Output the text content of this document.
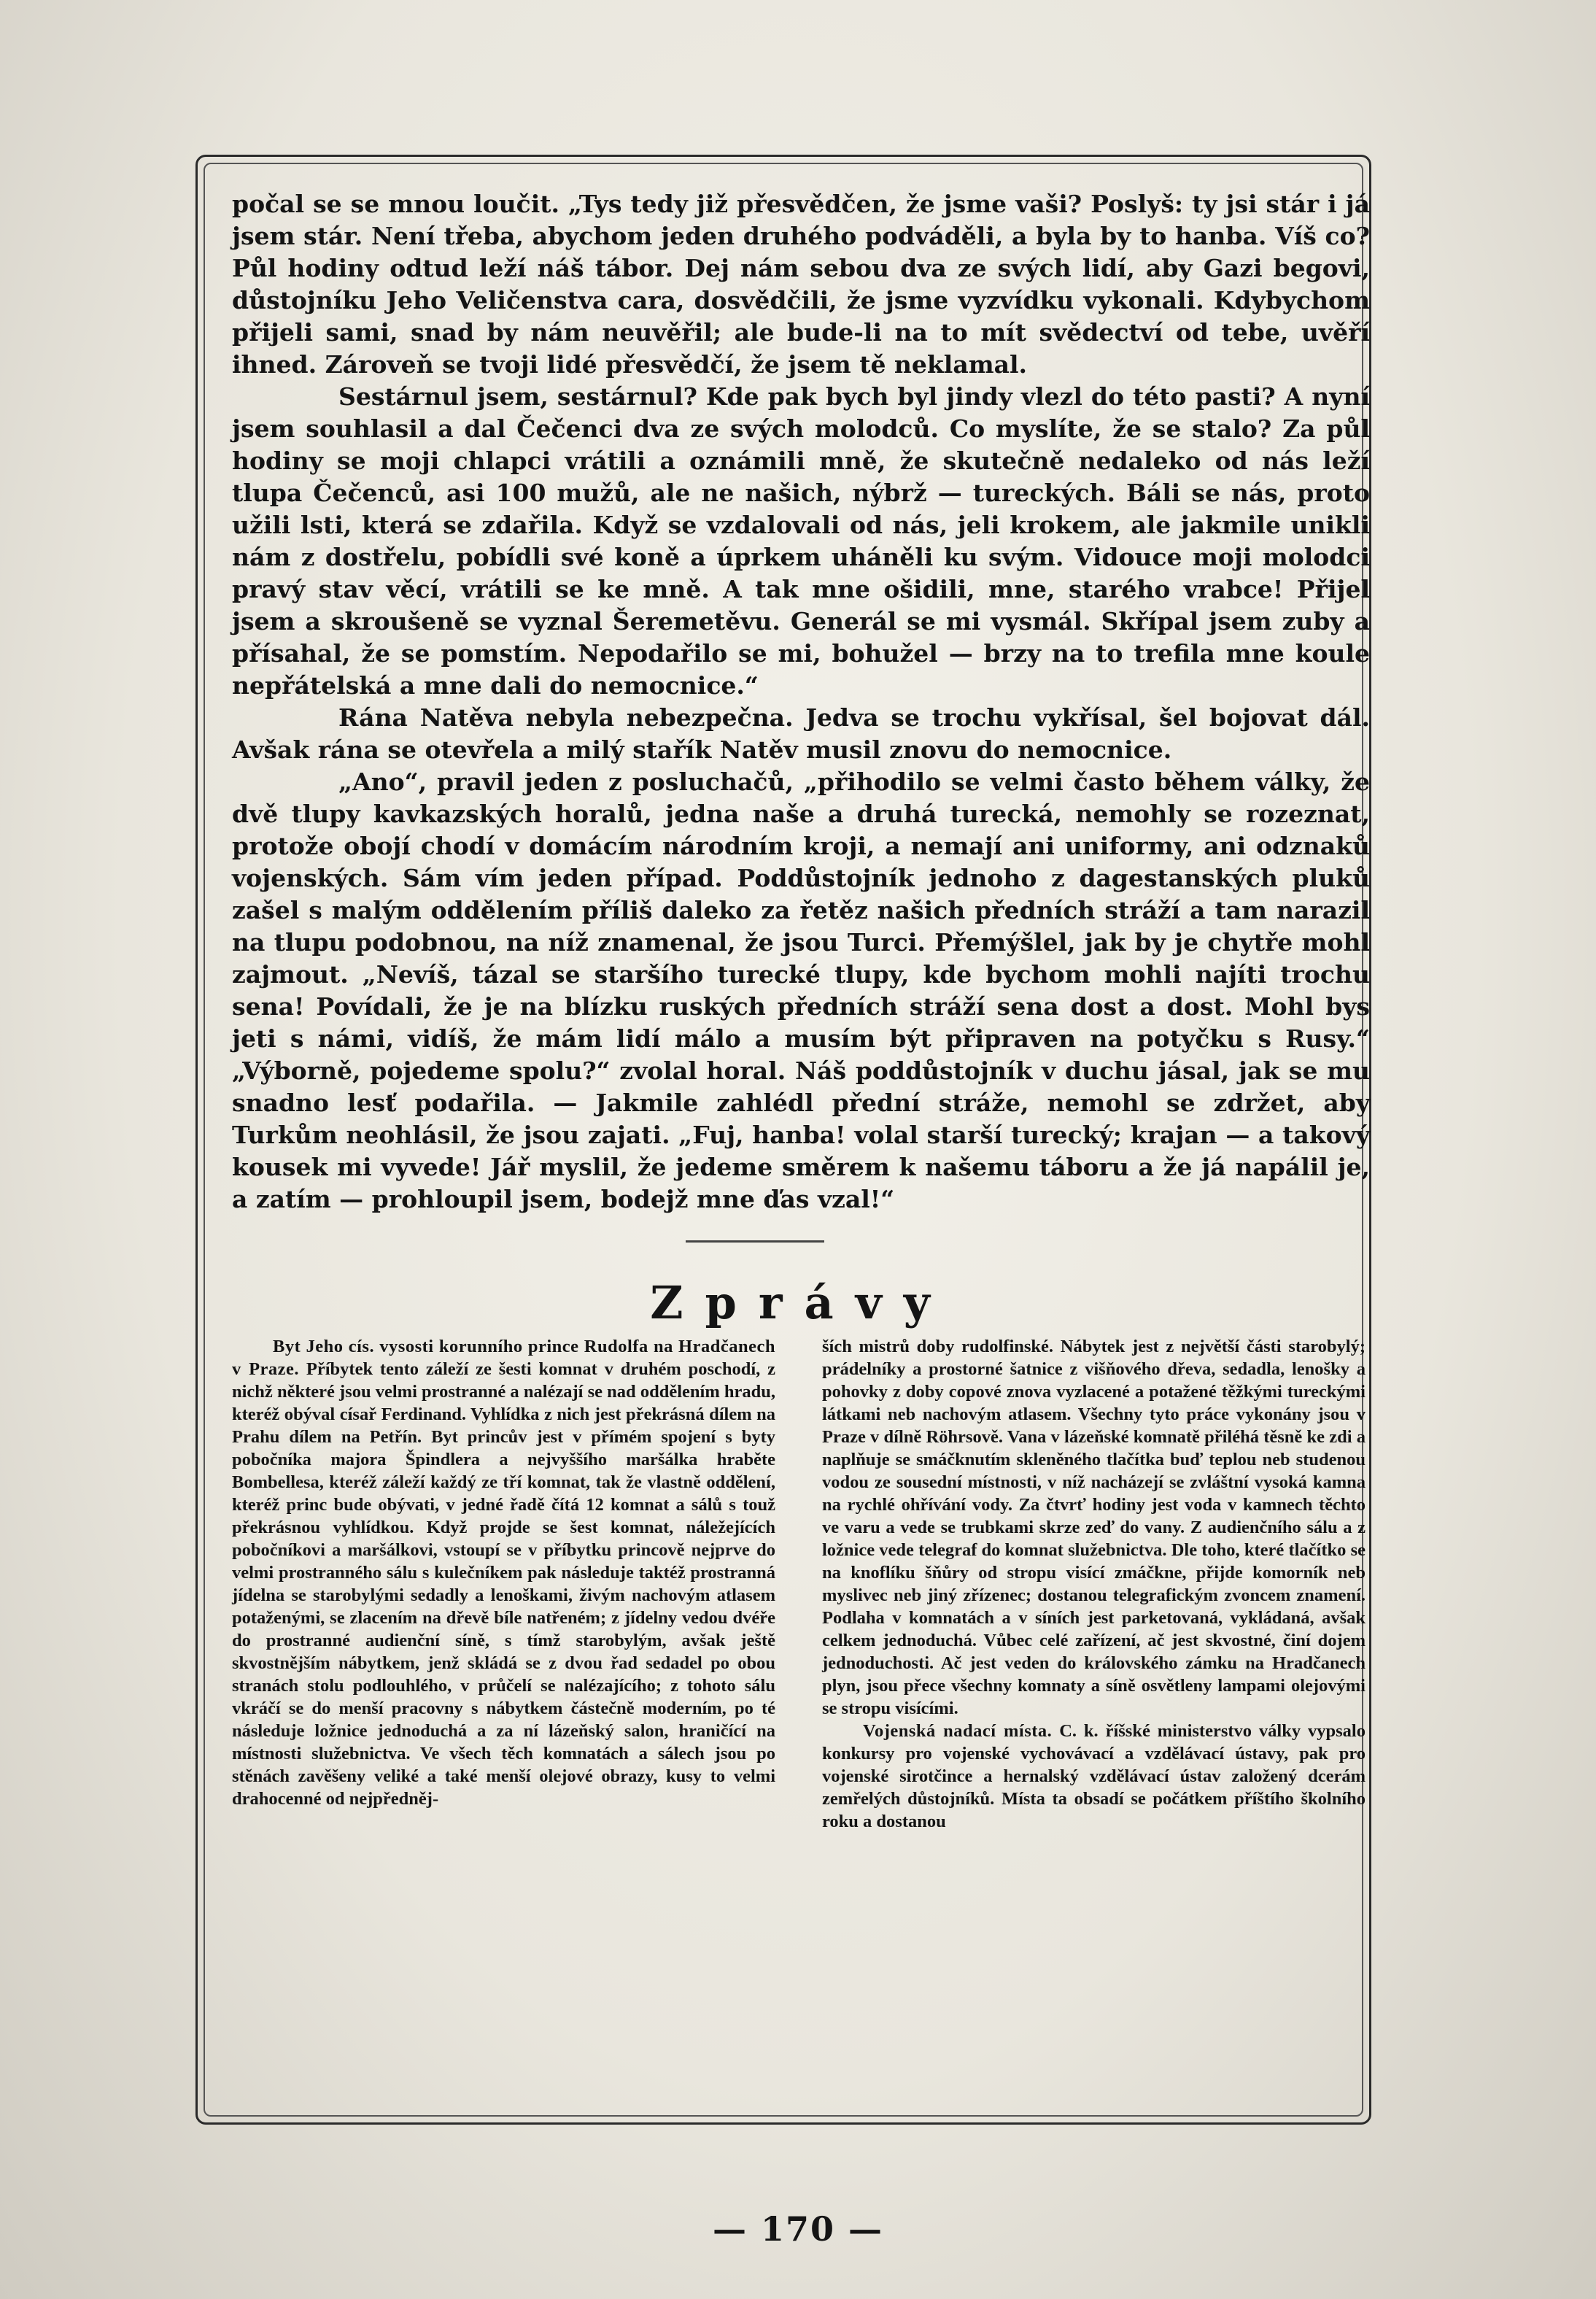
počal se se mnou loučit. „Tys tedy již přesvědčen, že jsme vaši? Poslyš: ty jsi stár i já jsem stár. Není třeba, abychom jeden druhého podváděli, a byla by to hanba. Víš co? Půl hodiny odtud leží náš tábor. Dej nám sebou dva ze svých lidí, aby Gazi begovi, důstojníku Jeho Veličenstva cara, dosvědčili, že jsme vyzvídku vykonali. Kdybychom přijeli sami, snad by nám neuvěřil; ale bude-li na to mít svědectví od tebe, uvěří ihned. Zároveň se tvoji lidé přesvědčí, že jsem tě neklamal.

Sestárnul jsem, sestárnul? Kde pak bych byl jindy vlezl do této pasti? A nyní jsem souhlasil a dal Čečenci dva ze svých molodců. Co myslíte, že se stalo? Za půl hodiny se moji chlapci vrátili a oznámili mně, že skutečně nedaleko od nás leží tlupa Čečenců, asi 100 mužů, ale ne našich, nýbrž — tureckých. Báli se nás, proto užili lsti, která se zdařila. Když se vzdalovali od nás, jeli krokem, ale jakmile unikli nám z dostřelu, pobídli své koně a úprkem uháněli ku svým. Vidouce moji molodci pravý stav věcí, vrátili se ke mně. A tak mne ošidili, mne, starého vrabce! Přijel jsem a skroušeně se vyznal Šeremetěvu. Generál se mi vysmál. Skřípal jsem zuby a přísahal, že se pomstím. Nepodařilo se mi, bohužel — brzy na to trefila mne koule nepřátelská a mne dali do nemocnice.“

Rána Natěva nebyla nebezpečna. Jedva se trochu vykřísal, šel bojovat dál. Avšak rána se otevřela a milý stařík Natěv musil znovu do nemocnice.

„Ano“, pravil jeden z posluchačů, „přihodilo se velmi často během války, že dvě tlupy kavkazských horalů, jedna naše a druhá turecká, nemohly se rozeznat, protože obojí chodí v domácím národním kroji, a nemají ani uniformy, ani odznaků vojenských. Sám vím jeden případ. Poddůstojník jednoho z dagestanských pluků zašel s malým oddělením příliš daleko za řetěz našich předních stráží a tam narazil na tlupu podobnou, na níž znamenal, že jsou Turci. Přemýšlel, jak by je chytře mohl zajmout. „Nevíš, tázal se staršího turecké tlupy, kde bychom mohli najíti trochu sena! Povídali, že je na blízku ruských předních stráží sena dost a dost. Mohl bys jeti s námi, vidíš, že mám lidí málo a musím být připraven na potyčku s Rusy.“ „Výborně, pojedeme spolu?“ zvolal horal. Náš poddůstojník v duchu jásal, jak se mu snadno lesť podařila. — Jakmile zahlédl přední stráže, nemohl se zdržet, aby Turkům neohlásil, že jsou zajati. „Fuj, hanba! volal starší turecký; krajan — a takový kousek mi vyvede! Jář myslil, že jedeme směrem k našemu táboru a že já napálil je, a zatím — prohloupil jsem, bodejž mne ďas vzal!“

Zprávy

Byt Jeho cís. vysosti korunního prince Rudolfa na Hradčanech v Praze. Příbytek tento záleží ze šesti komnat v druhém poschodí, z nichž některé jsou velmi prostranné a nalézají se nad oddělením hradu, kteréž obýval císař Ferdinand. Vyhlídka z nich jest překrásná dílem na Prahu dílem na Petřín. Byt princův jest v přímém spojení s byty pobočníka majora Špindlera a nejvyššího maršálka hraběte Bombellesa, kteréž záleží každý ze tří komnat, tak že vlastně oddělení, kteréž princ bude obývati, v jedné řadě čítá 12 komnat a sálů s touž překrásnou vyhlídkou. Když projde se šest komnat, náležejících pobočníkovi a maršálkovi, vstoupí se v příbytku princově nejprve do velmi prostranného sálu s kulečníkem pak následuje taktéž prostranná jídelna se starobylými sedadly a lenoškami, živým nachovým atlasem potaženými, se zlacením na dřevě bíle natřeném; z jídelny vedou dvéře do prostranné audienční síně, s tímž starobylým, avšak ještě skvostnějším nábytkem, jenž skládá se z dvou řad sedadel po obou stranách stolu podlouhlého, v průčelí se nalézajícího; z tohoto sálu vkráčí se do menší pracovny s nábytkem částečně moderním, po té následuje ložnice jednoduchá a za ní lázeňský salon, hraničící na místnosti služebnictva. Ve všech těch komnatách a sálech jsou po stěnách zavěšeny veliké a také menší olejové obrazy, kusy to velmi drahocenné od nejpředněj-

ších mistrů doby rudolfinské. Nábytek jest z největší části starobylý; prádelníky a prostorné šatnice z višňového dřeva, sedadla, lenošky a pohovky z doby copové znova vyzlacené a potažené těžkými tureckými látkami neb nachovým atlasem. Všechny tyto práce vykonány jsou v Praze v dílně Röhrsově. Vana v lázeňské komnatě přiléhá těsně ke zdi a naplňuje se smáčknutím skleněného tlačítka buď teplou neb studenou vodou ze sousední místnosti, v níž nacházejí se zvláštní vysoká kamna na rychlé ohřívání vody. Za čtvrť hodiny jest voda v kamnech těchto ve varu a vede se trubkami skrze zeď do vany. Z audienčního sálu a z ložnice vede telegraf do komnat služebnictva. Dle toho, které tlačítko se na knoflíku šňůry od stropu visící zmáčkne, přijde komorník neb myslivec neb jiný zřízenec; dostanou telegrafickým zvoncem znamení. Podlaha v komnatách a v síních jest parketovaná, vykládaná, avšak celkem jednoduchá. Vůbec celé zařízení, ač jest skvostné, činí dojem jednoduchosti. Ač jest veden do královského zámku na Hradčanech plyn, jsou přece všechny komnaty a síně osvětleny lampami olejovými se stropu visícími.

Vojenská nadací místa. C. k. říšské ministerstvo války vypsalo konkursy pro vojenské vychovávací a vzdělávací ústavy, pak pro vojenské sirotčince a hernalský vzdělávací ústav založený dcerám zemřelých důstojníků. Místa ta obsadí se počátkem příštího školního roku a dostanou

— 170 —
